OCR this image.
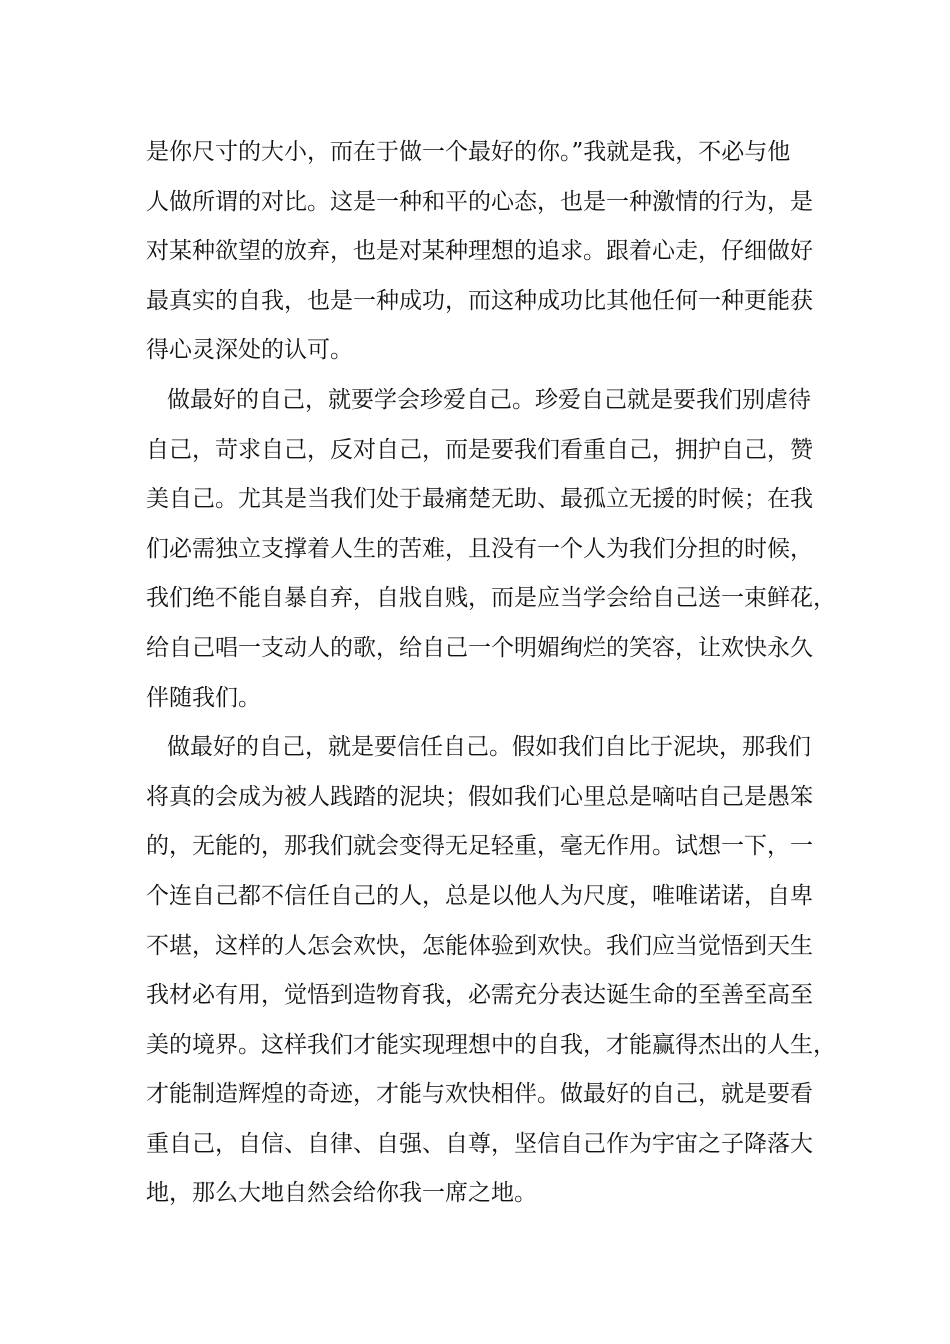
是你尺寸的大小，而在于做一个最好的你。”我就是我，不必与他
人做所谓的对比。这是一种和平的心态，也是一种激情的行为，是
对某种欲望的放弃，也是对某种理想的追求。跟着心走，仔细做好
最真实的自我，也是一种成功，而这种成功比其他任何一种更能获
得心灵深处的认可。
做最好的自己，就要学会珍爱自己。珍爱自己就是要我们别虐待
自己，苛求自己，反对自己，而是要我们看重自己，拥护自己，赞
美自己。尤其是当我们处于最痛楚无助、最孤立无援的时候；在我
们必需独立支撑着人生的苦难，且没有一个人为我们分担的时候，
我们绝不能自暴自弃，自戕自贱，而是应当学会给自己送一束鲜花，
给自己唱一支动人的歌，给自己一个明媚绚烂的笑容，让欢快永久
伴随我们。
做最好的自己，就是要信任自己。假如我们自比于泥块，那我们
将真的会成为被人践踏的泥块；假如我们心里总是嘀咕自己是愚笨
的，无能的，那我们就会变得无足轻重，毫无作用。试想一下，一
个连自己都不信任自己的人，总是以他人为尺度，唯唯诺诺，自卑
不堪，这样的人怎会欢快，怎能体验到欢快。我们应当觉悟到天生
我材必有用，觉悟到造物育我，必需充分表达诞生命的至善至高至
美的境界。这样我们才能实现理想中的自我，才能赢得杰出的人生，
才能制造辉煌的奇迹，才能与欢快相伴。做最好的自己，就是要看
重自己，自信、自律、自强、自尊，坚信自己作为宇宙之子降落大
地，那么大地自然会给你我一席之地。
